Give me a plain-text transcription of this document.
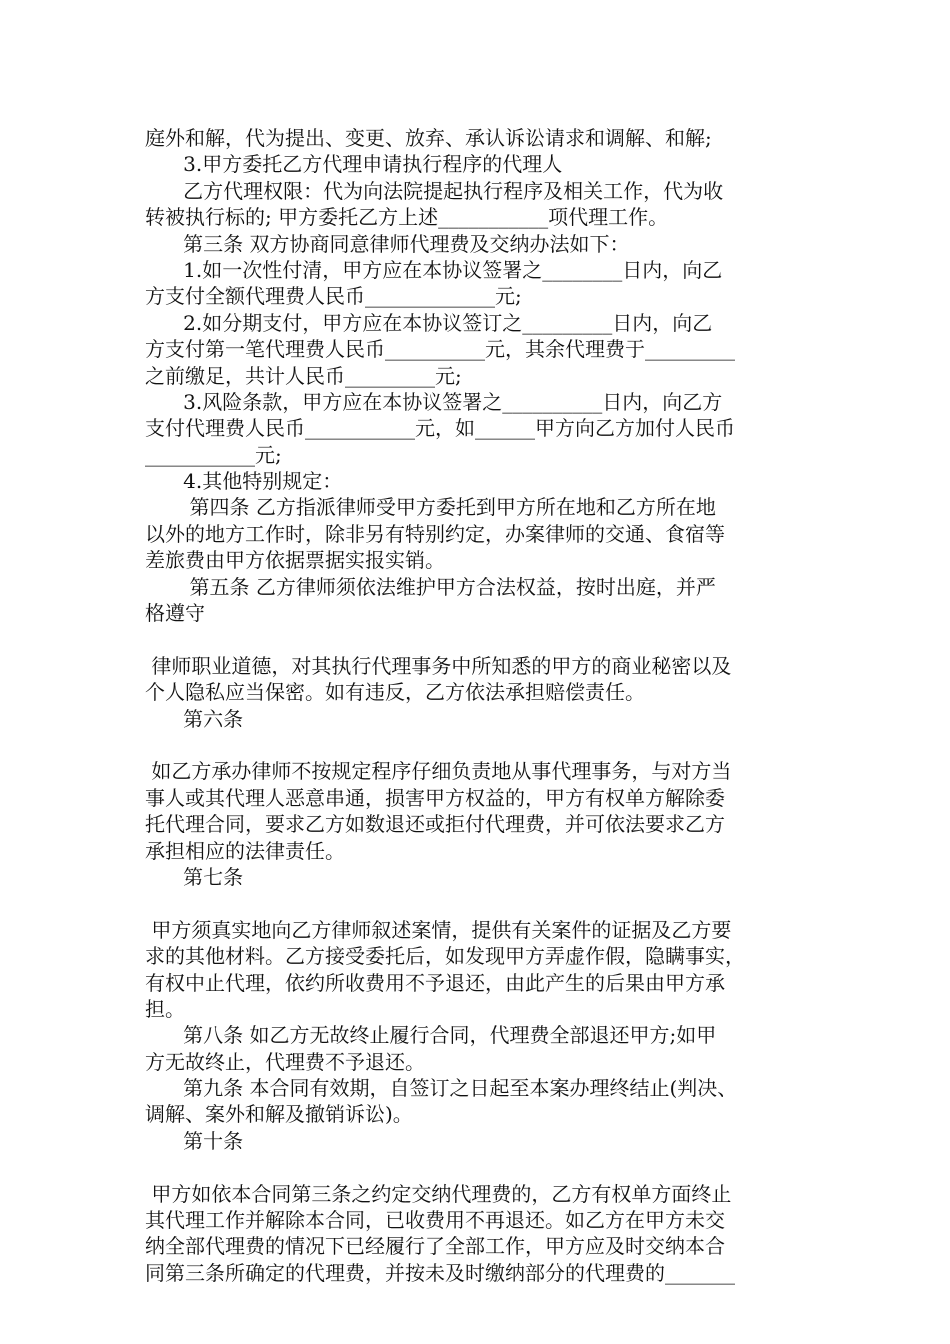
庭外和解，代为提出、变更、放弃、承认诉讼请求和调解、和解;
3.甲方委托乙方代理申请执行程序的代理人
乙方代理权限：代为向法院提起执行程序及相关工作，代为收
转被执行标的; 甲方委托乙方上述___________项代理工作。
第三条 双方协商同意律师代理费及交纳办法如下：
1.如一次性付清，甲方应在本协议签署之________日内，向乙
方支付全额代理费人民币_____________元;
2.如分期支付，甲方应在本协议签订之_________日内，向乙
方支付第一笔代理费人民币__________元，其余代理费于_________
之前缴足，共计人民币_________元;
3.风险条款，甲方应在本协议签署之__________日内，向乙方
支付代理费人民币___________元，如______甲方向乙方加付人民币
___________元;
4.其他特别规定：
第四条 乙方指派律师受甲方委托到甲方所在地和乙方所在地
以外的地方工作时，除非另有特别约定，办案律师的交通、食宿等
差旅费由甲方依据票据实报实销。
第五条 乙方律师须依法维护甲方合法权益，按时出庭，并严
格遵守
律师职业道德，对其执行代理事务中所知悉的甲方的商业秘密以及
个人隐私应当保密。如有违反，乙方依法承担赔偿责任。
第六条
如乙方承办律师不按规定程序仔细负责地从事代理事务，与对方当
事人或其代理人恶意串通，损害甲方权益的，甲方有权单方解除委
托代理合同，要求乙方如数退还或拒付代理费，并可依法要求乙方
承担相应的法律责任。
第七条
甲方须真实地向乙方律师叙述案情，提供有关案件的证据及乙方要
求的其他材料。乙方接受委托后，如发现甲方弄虚作假，隐瞒事实，
有权中止代理，依约所收费用不予退还，由此产生的后果由甲方承
担。
第八条 如乙方无故终止履行合同，代理费全部退还甲方;如甲
方无故终止，代理费不予退还。
第九条 本合同有效期，自签订之日起至本案办理终结止(判决、
调解、案外和解及撤销诉讼)。
第十条
甲方如依本合同第三条之约定交纳代理费的，乙方有权单方面终止
其代理工作并解除本合同，已收费用不再退还。如乙方在甲方未交
纳全部代理费的情况下已经履行了全部工作，甲方应及时交纳本合
同第三条所确定的代理费，并按未及时缴纳部分的代理费的_______
